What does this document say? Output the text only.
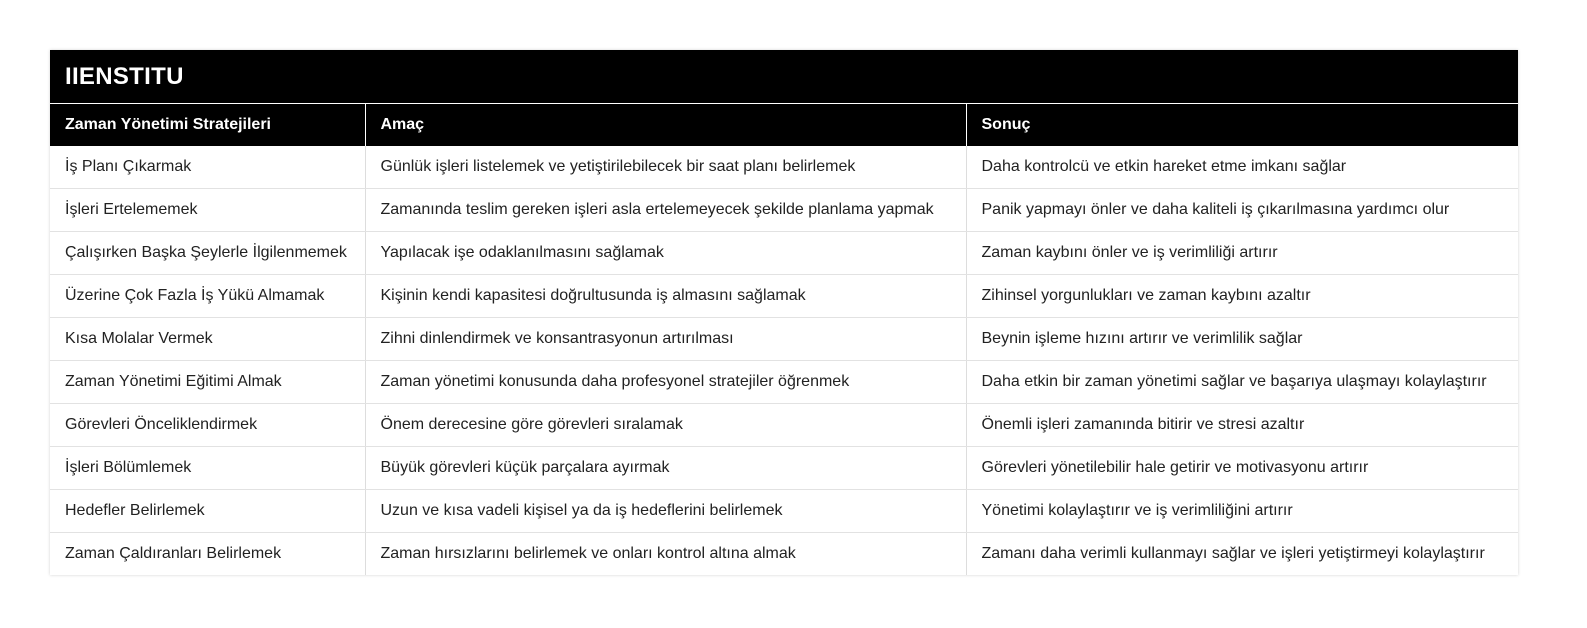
IIENSTITU
Zaman Yönetimi Stratejileri	Amaç	Sonuç
İş Planı Çıkarmak	Günlük işleri listelemek ve yetiştirilebilecek bir saat planı belirlemek	Daha kontrolcü ve etkin hareket etme imkanı sağlar
İşleri Ertelememek	Zamanında teslim gereken işleri asla ertelemeyecek şekilde planlama yapmak	Panik yapmayı önler ve daha kaliteli iş çıkarılmasına yardımcı olur
Çalışırken Başka Şeylerle İlgilenmemek	Yapılacak işe odaklanılmasını sağlamak	Zaman kaybını önler ve iş verimliliği artırır
Üzerine Çok Fazla İş Yükü Almamak	Kişinin kendi kapasitesi doğrultusunda iş almasını sağlamak	Zihinsel yorgunlukları ve zaman kaybını azaltır
Kısa Molalar Vermek	Zihni dinlendirmek ve konsantrasyonun artırılması	Beynin işleme hızını artırır ve verimlilik sağlar
Zaman Yönetimi Eğitimi Almak	Zaman yönetimi konusunda daha profesyonel stratejiler öğrenmek	Daha etkin bir zaman yönetimi sağlar ve başarıya ulaşmayı kolaylaştırır
Görevleri Önceliklendirmek	Önem derecesine göre görevleri sıralamak	Önemli işleri zamanında bitirir ve stresi azaltır
İşleri Bölümlemek	Büyük görevleri küçük parçalara ayırmak	Görevleri yönetilebilir hale getirir ve motivasyonu artırır
Hedefler Belirlemek	Uzun ve kısa vadeli kişisel ya da iş hedeflerini belirlemek	Yönetimi kolaylaştırır ve iş verimliliğini artırır
Zaman Çaldıranları Belirlemek	Zaman hırsızlarını belirlemek ve onları kontrol altına almak	Zamanı daha verimli kullanmayı sağlar ve işleri yetiştirmeyi kolaylaştırır
